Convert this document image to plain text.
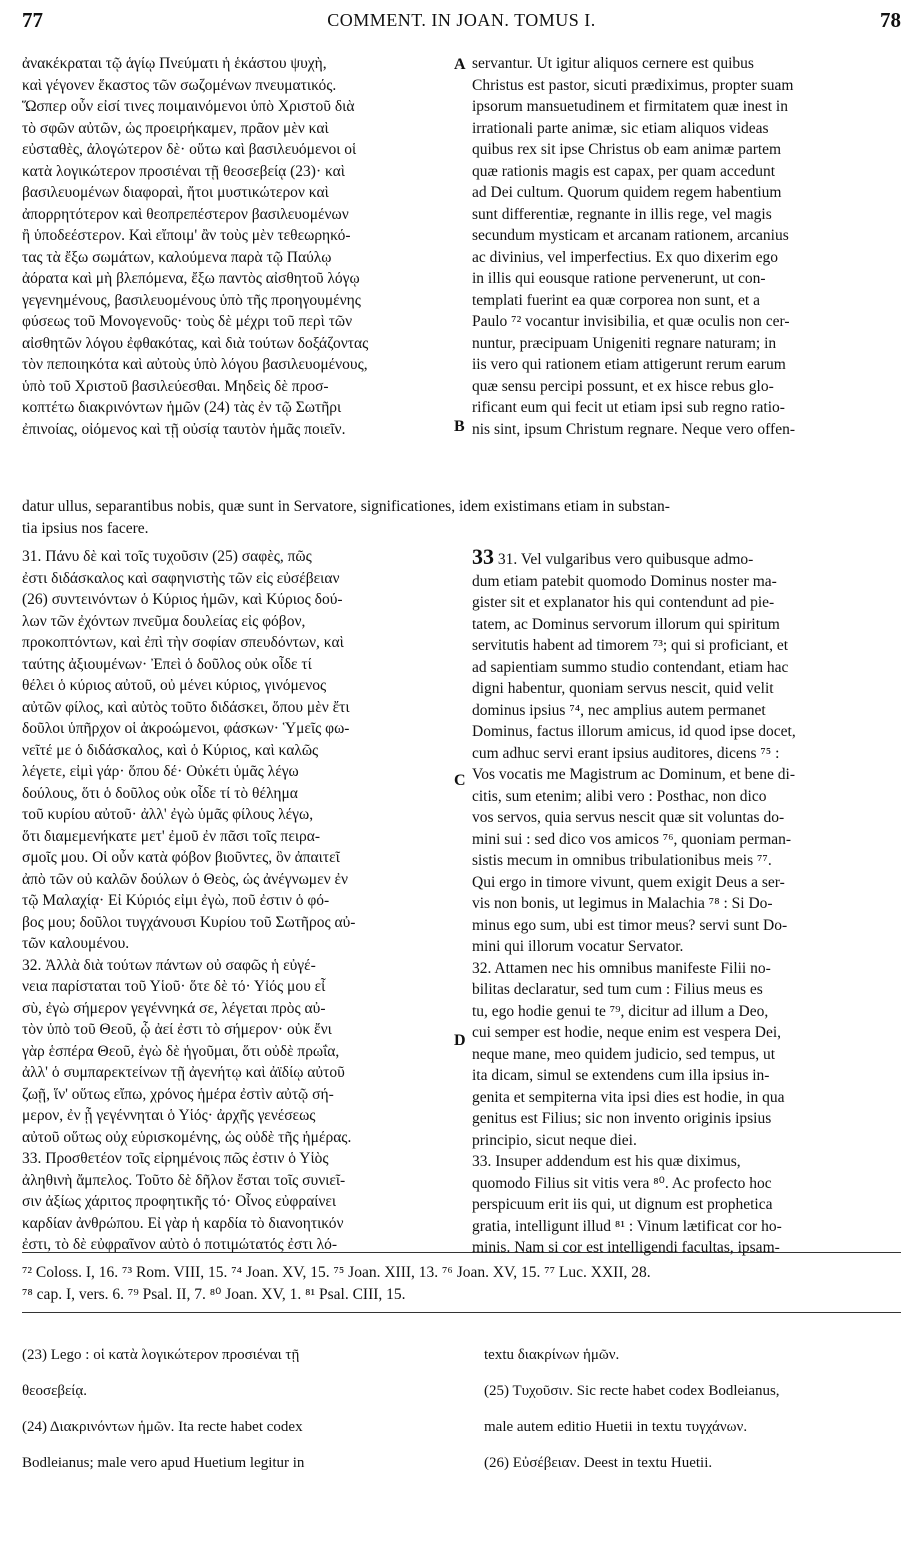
77	COMMENT. IN JOAN. TOMUS I.	78
A
B
C
D

ἀνακέκραται τῷ ἁγίῳ Πνεύματι ἡ ἑκάστου ψυχὴ,

καὶ γέγονεν ἕκαστος τῶν σωζομένων πνευματικός.

Ὥσπερ οὖν εἰσί τινες ποιμαινόμενοι ὑπὸ Χριστοῦ διὰ

τὸ σφῶν αὐτῶν, ὡς προειρήκαμεν, πρᾶον μὲν καὶ

εὐσταθὲς, ἀλογώτερον δὲ· οὕτω καὶ βασιλευόμενοι οἱ

κατὰ λογικώτερον προσιέναι τῇ θεοσεβείᾳ (23)· καὶ

βασιλευομένων διαφοραὶ, ἤτοι μυστικώτερον καὶ

ἀπορρητότερον καὶ θεοπρεπέστερον βασιλευομένων

ἢ ὑποδεέστερον. Καὶ εἴποιμ' ἂν τοὺς μὲν τεθεωρηκό-

τας τὰ ἔξω σωμάτων, καλούμενα παρὰ τῷ Παύλῳ

ἀόρατα καὶ μὴ βλεπόμενα, ἔξω παντὸς αἰσθητοῦ λόγῳ

γεγενημένους, βασιλευομένους ὑπὸ τῆς προηγουμένης

φύσεως τοῦ Μονογενοῦς· τοὺς δὲ μέχρι τοῦ περὶ τῶν

αἰσθητῶν λόγου ἐφθακότας, καὶ διὰ τούτων δοξάζοντας

τὸν πεποιηκότα καὶ αὐτοὺς ὑπὸ λόγου βασιλευομένους,

ὑπὸ τοῦ Χριστοῦ βασιλεύεσθαι. Μηδεὶς δὲ προσ-

κοπτέτω διακρινόντων ἡμῶν (24) τὰς ἐν τῷ Σωτῆρι

ἐπινοίας, οἰόμενος καὶ τῇ οὐσίᾳ ταυτὸν ἡμᾶς ποιεῖν.

servantur. Ut igitur aliquos cernere est quibus

Christus est pastor, sicuti prædiximus, propter suam

ipsorum mansuetudinem et firmitatem quæ inest in

irrationali parte animæ, sic etiam aliquos videas

quibus rex sit ipse Christus ob eam animæ partem

quæ rationis magis est capax, per quam accedunt

ad Dei cultum. Quorum quidem regem habentium

sunt differentiæ, regnante in illis rege, vel magis

secundum mysticam et arcanam rationem, arcanius

ac divinius, vel imperfectius. Ex quo dixerim ego

in illis qui eousque ratione pervenerunt, ut con-

templati fuerint ea quæ corporea non sunt, et a

Paulo ⁷² vocantur invisibilia, et quæ oculis non cer-

nuntur, præcipuam Unigeniti regnare naturam; in

iis vero qui rationem etiam attigerunt rerum earum

quæ sensu percipi possunt, et ex hisce rebus glo-

rificant eum qui fecit ut etiam ipsi sub regno ratio-

nis sint, ipsum Christum regnare. Neque vero offen-

datur ullus, separantibus nobis, quæ sunt in Servatore, significationes, idem existimans etiam in substan-

tia ipsius nos facere.

31. Πάνυ δὲ καὶ τοῖς τυχοῦσιν (25) σαφὲς, πῶς

ἐστι διδάσκαλος καὶ σαφηνιστὴς τῶν εἰς εὐσέβειαν

(26) συντεινόντων ὁ Κύριος ἡμῶν, καὶ Κύριος δού-

λων τῶν ἐχόντων πνεῦμα δουλείας εἰς φόβον,

προκοπτόντων, καὶ ἐπὶ τὴν σοφίαν σπευδόντων, καὶ

ταύτης ἀξιουμένων· Ἐπεὶ ὁ δοῦλος οὐκ οἶδε τί

θέλει ὁ κύριος αὐτοῦ, οὐ μένει κύριος, γινόμενος

αὐτῶν φίλος, καὶ αὐτὸς τοῦτο διδάσκει, ὅπου μὲν ἔτι

δοῦλοι ὑπῆρχον οἱ ἀκροώμενοι, φάσκων· Ὑμεῖς φω-

νεῖτέ με ὁ διδάσκαλος, καὶ ὁ Κύριος, καὶ καλῶς

λέγετε, εἰμὶ γάρ· ὅπου δέ· Οὐκέτι ὑμᾶς λέγω

δούλους, ὅτι ὁ δοῦλος οὐκ οἶδε τί τὸ θέλημα

τοῦ κυρίου αὐτοῦ· ἀλλ' ἐγὼ ὑμᾶς φίλους λέγω,

ὅτι διαμεμενήκατε μετ' ἐμοῦ ἐν πᾶσι τοῖς πειρα-

σμοῖς μου. Οἱ οὖν κατὰ φόβον βιοῦντες, ὃν ἀπαιτεῖ

ἀπὸ τῶν οὐ καλῶν δούλων ὁ Θεὸς, ὡς ἀνέγνωμεν ἐν

τῷ Μαλαχίᾳ· Εἰ Κύριός εἰμι ἐγὼ, ποῦ ἐστιν ὁ φό-

βος μου; δοῦλοι τυγχάνουσι Κυρίου τοῦ Σωτῆρος αὐ-

τῶν καλουμένου.

32. Ἀλλὰ διὰ τούτων πάντων οὐ σαφῶς ἡ εὐγέ-

νεια παρίσταται τοῦ Υἱοῦ· ὅτε δὲ τό· Υἱός μου εἶ

σὺ, ἐγὼ σήμερον γεγέννηκά σε, λέγεται πρὸς αὐ-

τὸν ὑπὸ τοῦ Θεοῦ, ᾧ ἀεί ἐστι τὸ σήμερον· οὐκ ἔνι

γὰρ ἑσπέρα Θεοῦ, ἐγὼ δὲ ἡγοῦμαι, ὅτι οὐδὲ πρωΐα,

ἀλλ' ὁ συμπαρεκτείνων τῇ ἀγενήτῳ καὶ ἀϊδίῳ αὐτοῦ

ζωῇ, ἵν' οὕτως εἴπω, χρόνος ἡμέρα ἐστὶν αὐτῷ σή-

μερον, ἐν ᾗ γεγέννηται ὁ Υἱός· ἀρχῆς γενέσεως

αὐτοῦ οὕτως οὐχ εὑρισκομένης, ὡς οὐδὲ τῆς ἡμέρας.

33. Προσθετέον τοῖς εἰρημένοις πῶς ἐστιν ὁ Υἱὸς

ἀληθινὴ ἄμπελος. Τοῦτο δὲ δῆλον ἔσται τοῖς συνιεῖ-

σιν ἀξίως χάριτος προφητικῆς τό· Οἶνος εὐφραίνει

καρδίαν ἀνθρώπου. Εἰ γὰρ ἡ καρδία τὸ διανοητικόν

ἐστι, τὸ δὲ εὐφραῖνον αὐτὸ ὁ ποτιμώτατός ἐστι λό-

33 31. Vel vulgaribus vero quibusque admo-

dum etiam patebit quomodo Dominus noster ma-

gister sit et explanator his qui contendunt ad pie-

tatem, ac Dominus servorum illorum qui spiritum

servitutis habent ad timorem ⁷³; qui si proficiant, et

ad sapientiam summo studio contendant, etiam hac

digni habentur, quoniam servus nescit, quid velit

dominus ipsius ⁷⁴, nec amplius autem permanet

Dominus, factus illorum amicus, id quod ipse docet,

cum adhuc servi erant ipsius auditores, dicens ⁷⁵ :

Vos vocatis me Magistrum ac Dominum, et bene di-

citis, sum etenim; alibi vero : Posthac, non dico

vos servos, quia servus nescit quæ sit voluntas do-

mini sui : sed dico vos amicos ⁷⁶, quoniam perman-

sistis mecum in omnibus tribulationibus meis ⁷⁷.

Qui ergo in timore vivunt, quem exigit Deus a ser-

vis non bonis, ut legimus in Malachia ⁷⁸ : Si Do-

minus ego sum, ubi est timor meus? servi sunt Do-

mini qui illorum vocatur Servator.

32. Attamen nec his omnibus manifeste Filii no-

bilitas declaratur, sed tum cum : Filius meus es

tu, ego hodie genui te ⁷⁹, dicitur ad illum a Deo,

cui semper est hodie, neque enim est vespera Dei,

neque mane, meo quidem judicio, sed tempus, ut

ita dicam, simul se extendens cum illa ipsius in-

genita et sempiterna vita ipsi dies est hodie, in qua

genitus est Filius; sic non invento originis ipsius

principio, sicut neque diei.

33. Insuper addendum est his quæ diximus,

quomodo Filius sit vitis vera ⁸⁰. Ac profecto hoc

perspicuum erit iis qui, ut dignum est prophetica

gratia, intelligunt illud ⁸¹ : Vinum lætificat cor ho-

minis. Nam si cor est intelligendi facultas, ipsam-

⁷² Coloss. I, 16. ⁷³ Rom. VIII, 15. ⁷⁴ Joan. XV, 15. ⁷⁵ Joan. XIII, 13. ⁷⁶ Joan. XV, 15. ⁷⁷ Luc. XXII, 28.
⁷⁸ cap. I, vers. 6. ⁷⁹ Psal. II, 7. ⁸⁰ Joan. XV, 1. ⁸¹ Psal. CIII, 15.

(23) Lego : οἱ κατὰ λογικώτερον προσιέναι τῇ

θεοσεβείᾳ.

(24) Διακρινόντων ἡμῶν. Ita recte habet codex

Bodleianus; male vero apud Huetium legitur in

textu διακρίνων ἡμῶν.

(25) Τυχοῦσιν. Sic recte habet codex Bodleianus,

male autem editio Huetii in textu τυγχάνων.

(26) Εὐσέβειαν. Deest in textu Huetii.
